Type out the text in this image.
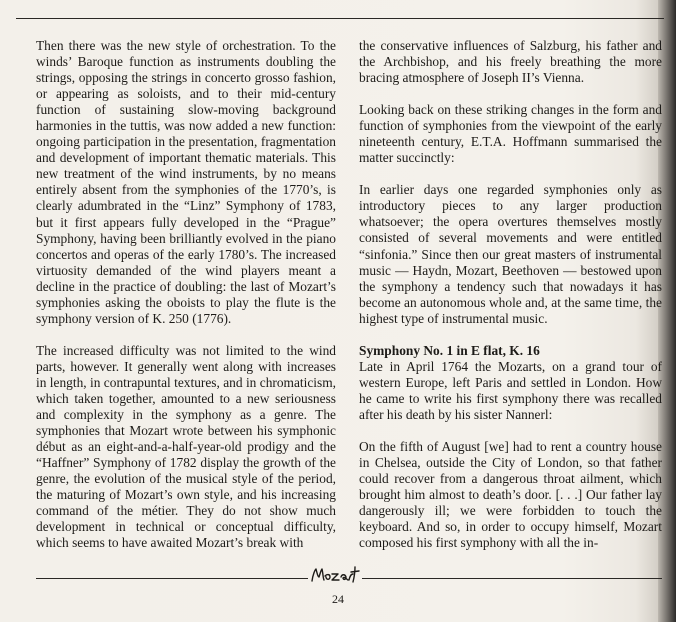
Then there was the new style of orchestration. To the winds’ Baroque function as instruments doubling the strings, opposing the strings in concerto grosso fashion, or appearing as soloists, and to their mid-century function of sustaining slow-moving background harmonies in the tuttis, was now added a new function: ongoing participation in the presentation, fragmentation and development of important thematic materials. This new treatment of the wind instruments, by no means entirely absent from the symphonies of the 1770’s, is clearly adumbrated in the “Linz” Symphony of 1783, but it first appears fully developed in the “Prague” Symphony, having been brilliantly evolved in the piano concertos and operas of the early 1780’s. The increased virtuosity demanded of the wind players meant a decline in the practice of doubling: the last of Mozart’s symphonies asking the oboists to play the flute is the symphony version of K. 250 (1776).

The increased difficulty was not limited to the wind parts, however. It generally went along with increases in length, in contrapuntal textures, and in chromaticism, which taken together, amounted to a new seriousness and complexity in the symphony as a genre. The symphonies that Mozart wrote between his symphonic début as an eight-and-a-half-year-old prodigy and the “Haffner” Symphony of 1782 display the growth of the genre, the evolution of the musical style of the period, the maturing of Mozart’s own style, and his increasing command of the métier. They do not show much development in technical or conceptual difficulty, which seems to have awaited Mozart’s break with

the conservative influences of Salzburg, his father and the Archbishop, and his freely breathing the more bracing atmosphere of Joseph II’s Vienna.

Looking back on these striking changes in the form and function of symphonies from the viewpoint of the early nineteenth century, E.T.A. Hoffmann summarised the matter succinctly:

In earlier days one regarded symphonies only as introductory pieces to any larger production whatsoever; the opera overtures themselves mostly consisted of several movements and were entitled “sinfonia.” Since then our great masters of instrumental music — Haydn, Mozart, Beethoven — bestowed upon the symphony a tendency such that nowadays it has become an autonomous whole and, at the same time, the highest type of instrumental music.

Symphony No. 1 in E flat, K. 16

Late in April 1764 the Mozarts, on a grand tour of western Europe, left Paris and settled in London. How he came to write his first symphony there was recalled after his death by his sister Nannerl:

On the fifth of August [we] had to rent a country house in Chelsea, outside the City of London, so that father could recover from a dangerous throat ailment, which brought him almost to death’s door. [. . .] Our father lay dangerously ill; we were forbidden to touch the keyboard. And so, in order to occupy himself, Mozart composed his first symphony with all the in-

24
